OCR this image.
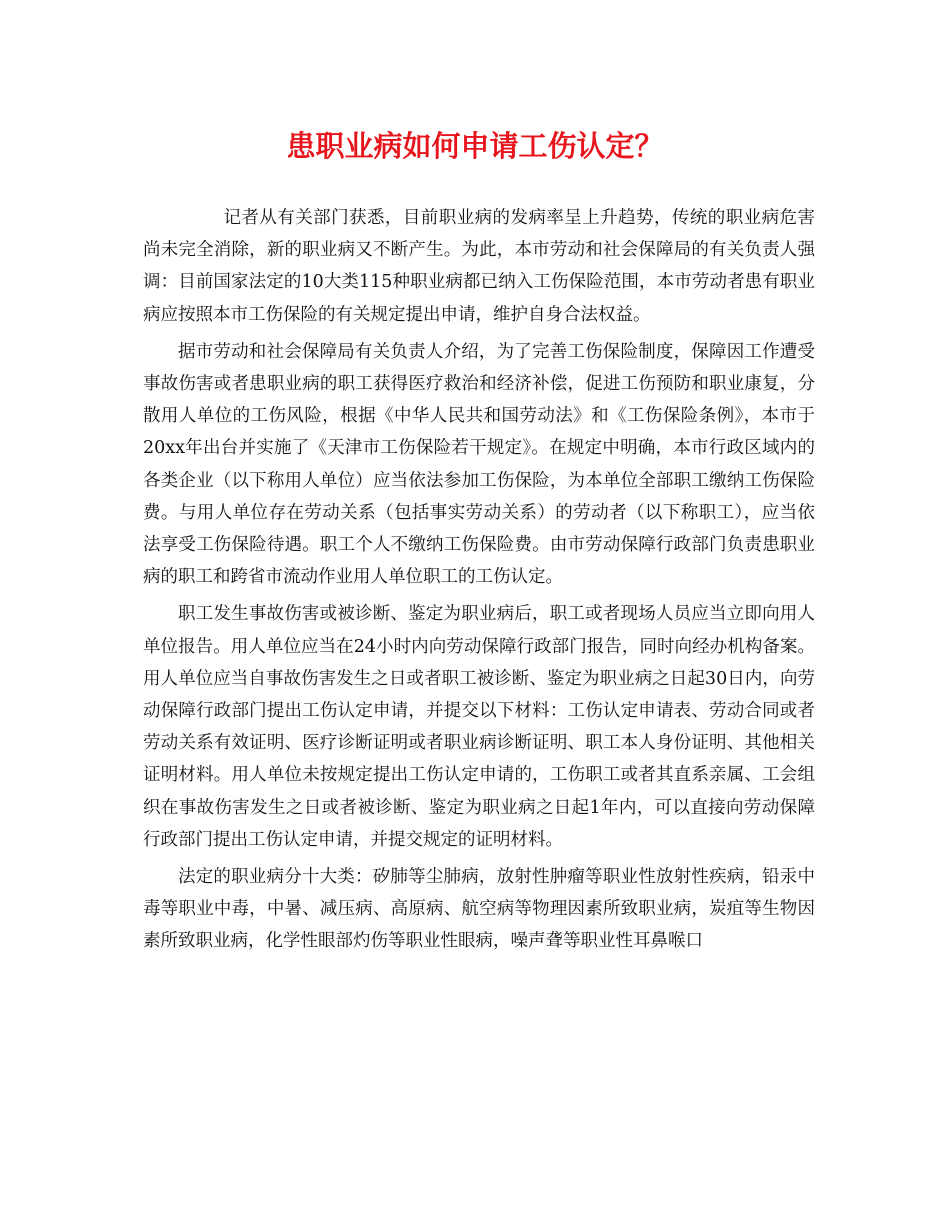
患职业病如何申请工伤认定？

记者从有关部门获悉，目前职业病的发病率呈上升趋势，传统的职业病危害尚未完全消除，新的职业病又不断产生。为此，本市劳动和社会保障局的有关负责人强调：目前国家法定的10大类115种职业病都已纳入工伤保险范围，本市劳动者患有职业病应按照本市工伤保险的有关规定提出申请，维护自身合法权益。

据市劳动和社会保障局有关负责人介绍，为了完善工伤保险制度，保障因工作遭受事故伤害或者患职业病的职工获得医疗救治和经济补偿，促进工伤预防和职业康复，分散用人单位的工伤风险，根据《中华人民共和国劳动法》和《工伤保险条例》，本市于20xx年出台并实施了《天津市工伤保险若干规定》。在规定中明确，本市行政区域内的各类企业（以下称用人单位）应当依法参加工伤保险，为本单位全部职工缴纳工伤保险费。与用人单位存在劳动关系（包括事实劳动关系）的劳动者（以下称职工），应当依法享受工伤保险待遇。职工个人不缴纳工伤保险费。由市劳动保障行政部门负责患职业病的职工和跨省市流动作业用人单位职工的工伤认定。

职工发生事故伤害或被诊断、鉴定为职业病后，职工或者现场人员应当立即向用人单位报告。用人单位应当在24小时内向劳动保障行政部门报告，同时向经办机构备案。用人单位应当自事故伤害发生之日或者职工被诊断、鉴定为职业病之日起30日内，向劳动保障行政部门提出工伤认定申请，并提交以下材料：工伤认定申请表、劳动合同或者劳动关系有效证明、医疗诊断证明或者职业病诊断证明、职工本人身份证明、其他相关证明材料。用人单位未按规定提出工伤认定申请的，工伤职工或者其直系亲属、工会组织在事故伤害发生之日或者被诊断、鉴定为职业病之日起1年内，可以直接向劳动保障行政部门提出工伤认定申请，并提交规定的证明材料。

法定的职业病分十大类：矽肺等尘肺病，放射性肿瘤等职业性放射性疾病，铅汞中毒等职业中毒，中暑、减压病、高原病、航空病等物理因素所致职业病，炭疽等生物因素所致职业病，化学性眼部灼伤等职业性眼病，噪声聋等职业性耳鼻喉口
